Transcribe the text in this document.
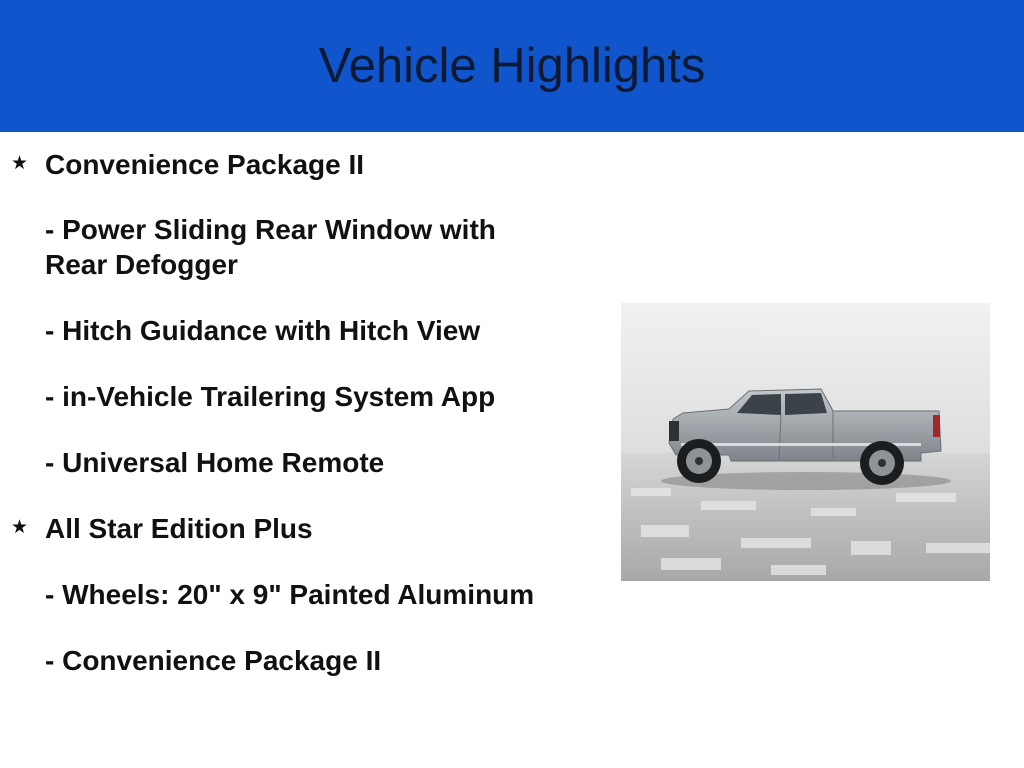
Vehicle Highlights
★ Convenience Package II
- Power Sliding Rear Window with
Rear Defogger
- Hitch Guidance with Hitch View
- in-Vehicle Trailering System App
- Universal Home Remote
★ All Star Edition Plus
- Wheels: 20" x 9" Painted Aluminum
- Convenience Package II
